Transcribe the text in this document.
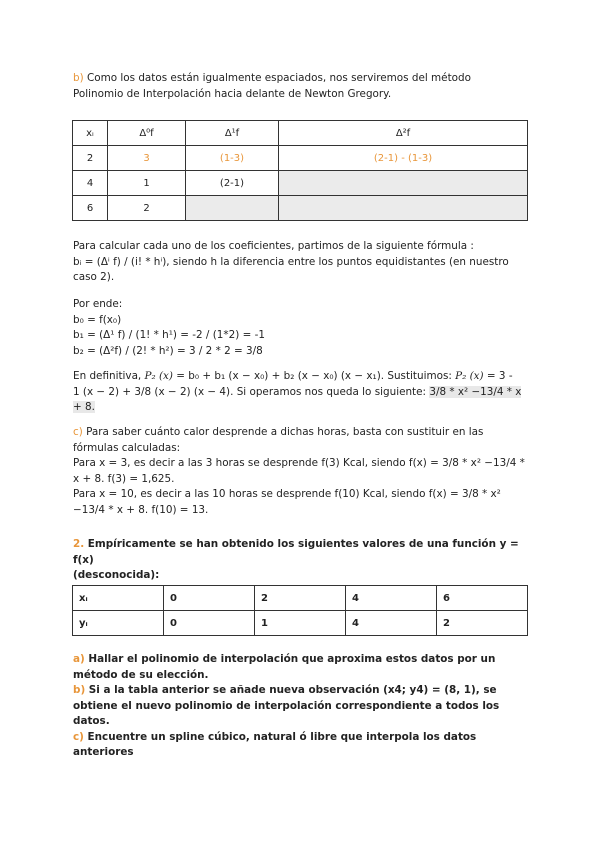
b) Como los datos están igualmente espaciados, nos serviremos del método

Polinomio de Interpolación hacia delante de Newton Gregory.

xᵢ	Δ⁰f	Δ¹f	Δ²f
2	3	(1-3)	(2-1) - (1-3)
4	1	(2-1)	
6	2		

Para calcular cada uno de los coeficientes, partimos de la siguiente fórmula :

bᵢ = (Δⁱ f) / (i! * hⁱ), siendo h la diferencia entre los puntos equidistantes (en nuestro

caso 2).

Por ende:

b₀ = f(x₀)

b₁ = (Δ¹ f) / (1! * h¹) = -2 / (1*2) = -1

b₂ = (Δ²f) / (2! * h²) = 3 / 2 * 2 = 3/8

En definitiva, P₂ (x) = b₀ + b₁ (x − x₀) + b₂ (x − x₀) (x − x₁). Sustituimos: P₂ (x) = 3 -

1 (x − 2) + 3/8 (x − 2) (x − 4). Si operamos nos queda lo siguiente: 3/8 * x² −13/4 * x

+ 8.

c) Para saber cuánto calor desprende a dichas horas, basta con sustituir en las

fórmulas calculadas:

Para x = 3, es decir a las 3 horas se desprende f(3) Kcal, siendo f(x) = 3/8 * x² −13/4 *

x + 8. f(3) = 1,625.

Para x = 10, es decir a las 10 horas se desprende f(10) Kcal, siendo f(x) = 3/8 * x²

−13/4 * x + 8. f(10) = 13.

2. Empíricamente se han obtenido los siguientes valores de una función y = f(x)

(desconocida):

xᵢ	0	2	4	6
yᵢ	0	1	4	2

a) Hallar el polinomio de interpolación que aproxima estos datos por un

método de su elección.

b) Si a la tabla anterior se añade nueva observación (x4; y4) = (8, 1), se

obtiene el nuevo polinomio de interpolación correspondiente a todos los datos.

c) Encuentre un spline cúbico, natural ó libre que interpola los datos anteriores
